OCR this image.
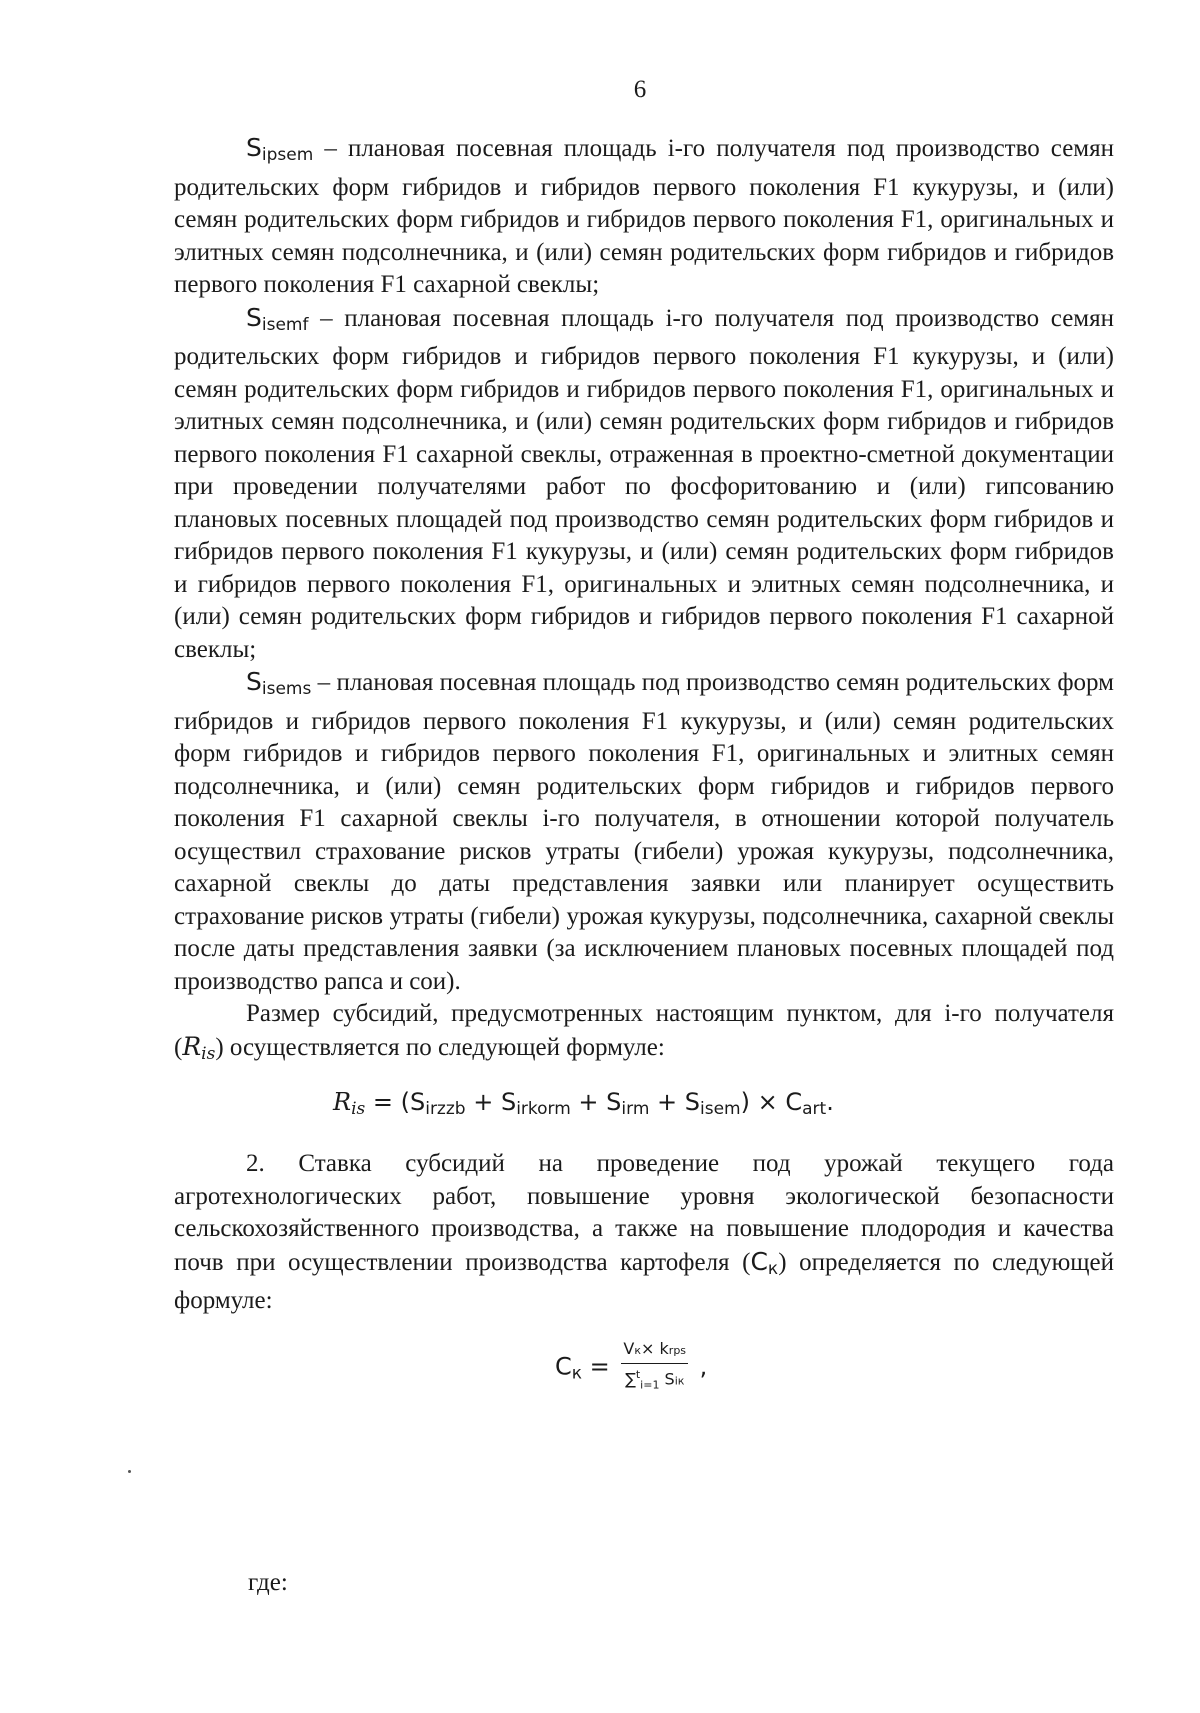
6

$S_{ipsem}$ – плановая посевная площадь i-го получателя под производство семян родительских форм гибридов и гибридов первого поколения F1 кукурузы, и (или) семян родительских форм гибридов и гибридов первого поколения F1, оригинальных и элитных семян подсолнечника, и (или) семян родительских форм гибридов и гибридов первого поколения F1 сахарной свеклы;

$S_{isemf}$ – плановая посевная площадь i-го получателя под производство семян родительских форм гибридов и гибридов первого поколения F1 кукурузы, и (или) семян родительских форм гибридов и гибридов первого поколения F1, оригинальных и элитных семян подсолнечника, и (или) семян родительских форм гибридов и гибридов первого поколения F1 сахарной свеклы, отраженная в проектно-сметной документации при проведении получателями работ по фосфоритованию и (или) гипсованию плановых посевных площадей под производство семян родительских форм гибридов и гибридов первого поколения F1 кукурузы, и (или) семян родительских форм гибридов и гибридов первого поколения F1, оригинальных и элитных семян подсолнечника, и (или) семян родительских форм гибридов и гибридов первого поколения F1 сахарной свеклы;

$S_{isems}$ – плановая посевная площадь под производство семян родительских форм гибридов и гибридов первого поколения F1 кукурузы, и (или) семян родительских форм гибридов и гибридов первого поколения F1, оригинальных и элитных семян подсолнечника, и (или) семян родительских форм гибридов и гибридов первого поколения F1 сахарной свеклы i-го получателя, в отношении которой получатель осуществил страхование рисков утраты (гибели) урожая кукурузы, подсолнечника, сахарной свеклы до даты представления заявки или планирует осуществить страхование рисков утраты (гибели) урожая кукурузы, подсолнечника, сахарной свеклы после даты представления заявки (за исключением плановых посевных площадей под производство рапса и сои).

Размер субсидий, предусмотренных настоящим пунктом, для i-го получателя $(R_{is})$ осуществляется по следующей формуле:

$R_{is} = (S_{irzzb} + S_{irkorm} + S_{irm} + S_{isem}) \times C_{art}$.

2. Ставка субсидий на проведение под урожай текущего года агротехнологических работ, повышение уровня экологической безопасности сельскохозяйственного производства, а также на повышение плодородия и качества почв при осуществлении производства картофеля $(C_к)$ определяется по следующей формуле:

$C_к = \frac{\text{Vк× krps}}{\sum^t_{i=1} Siк}$ ,
где:
